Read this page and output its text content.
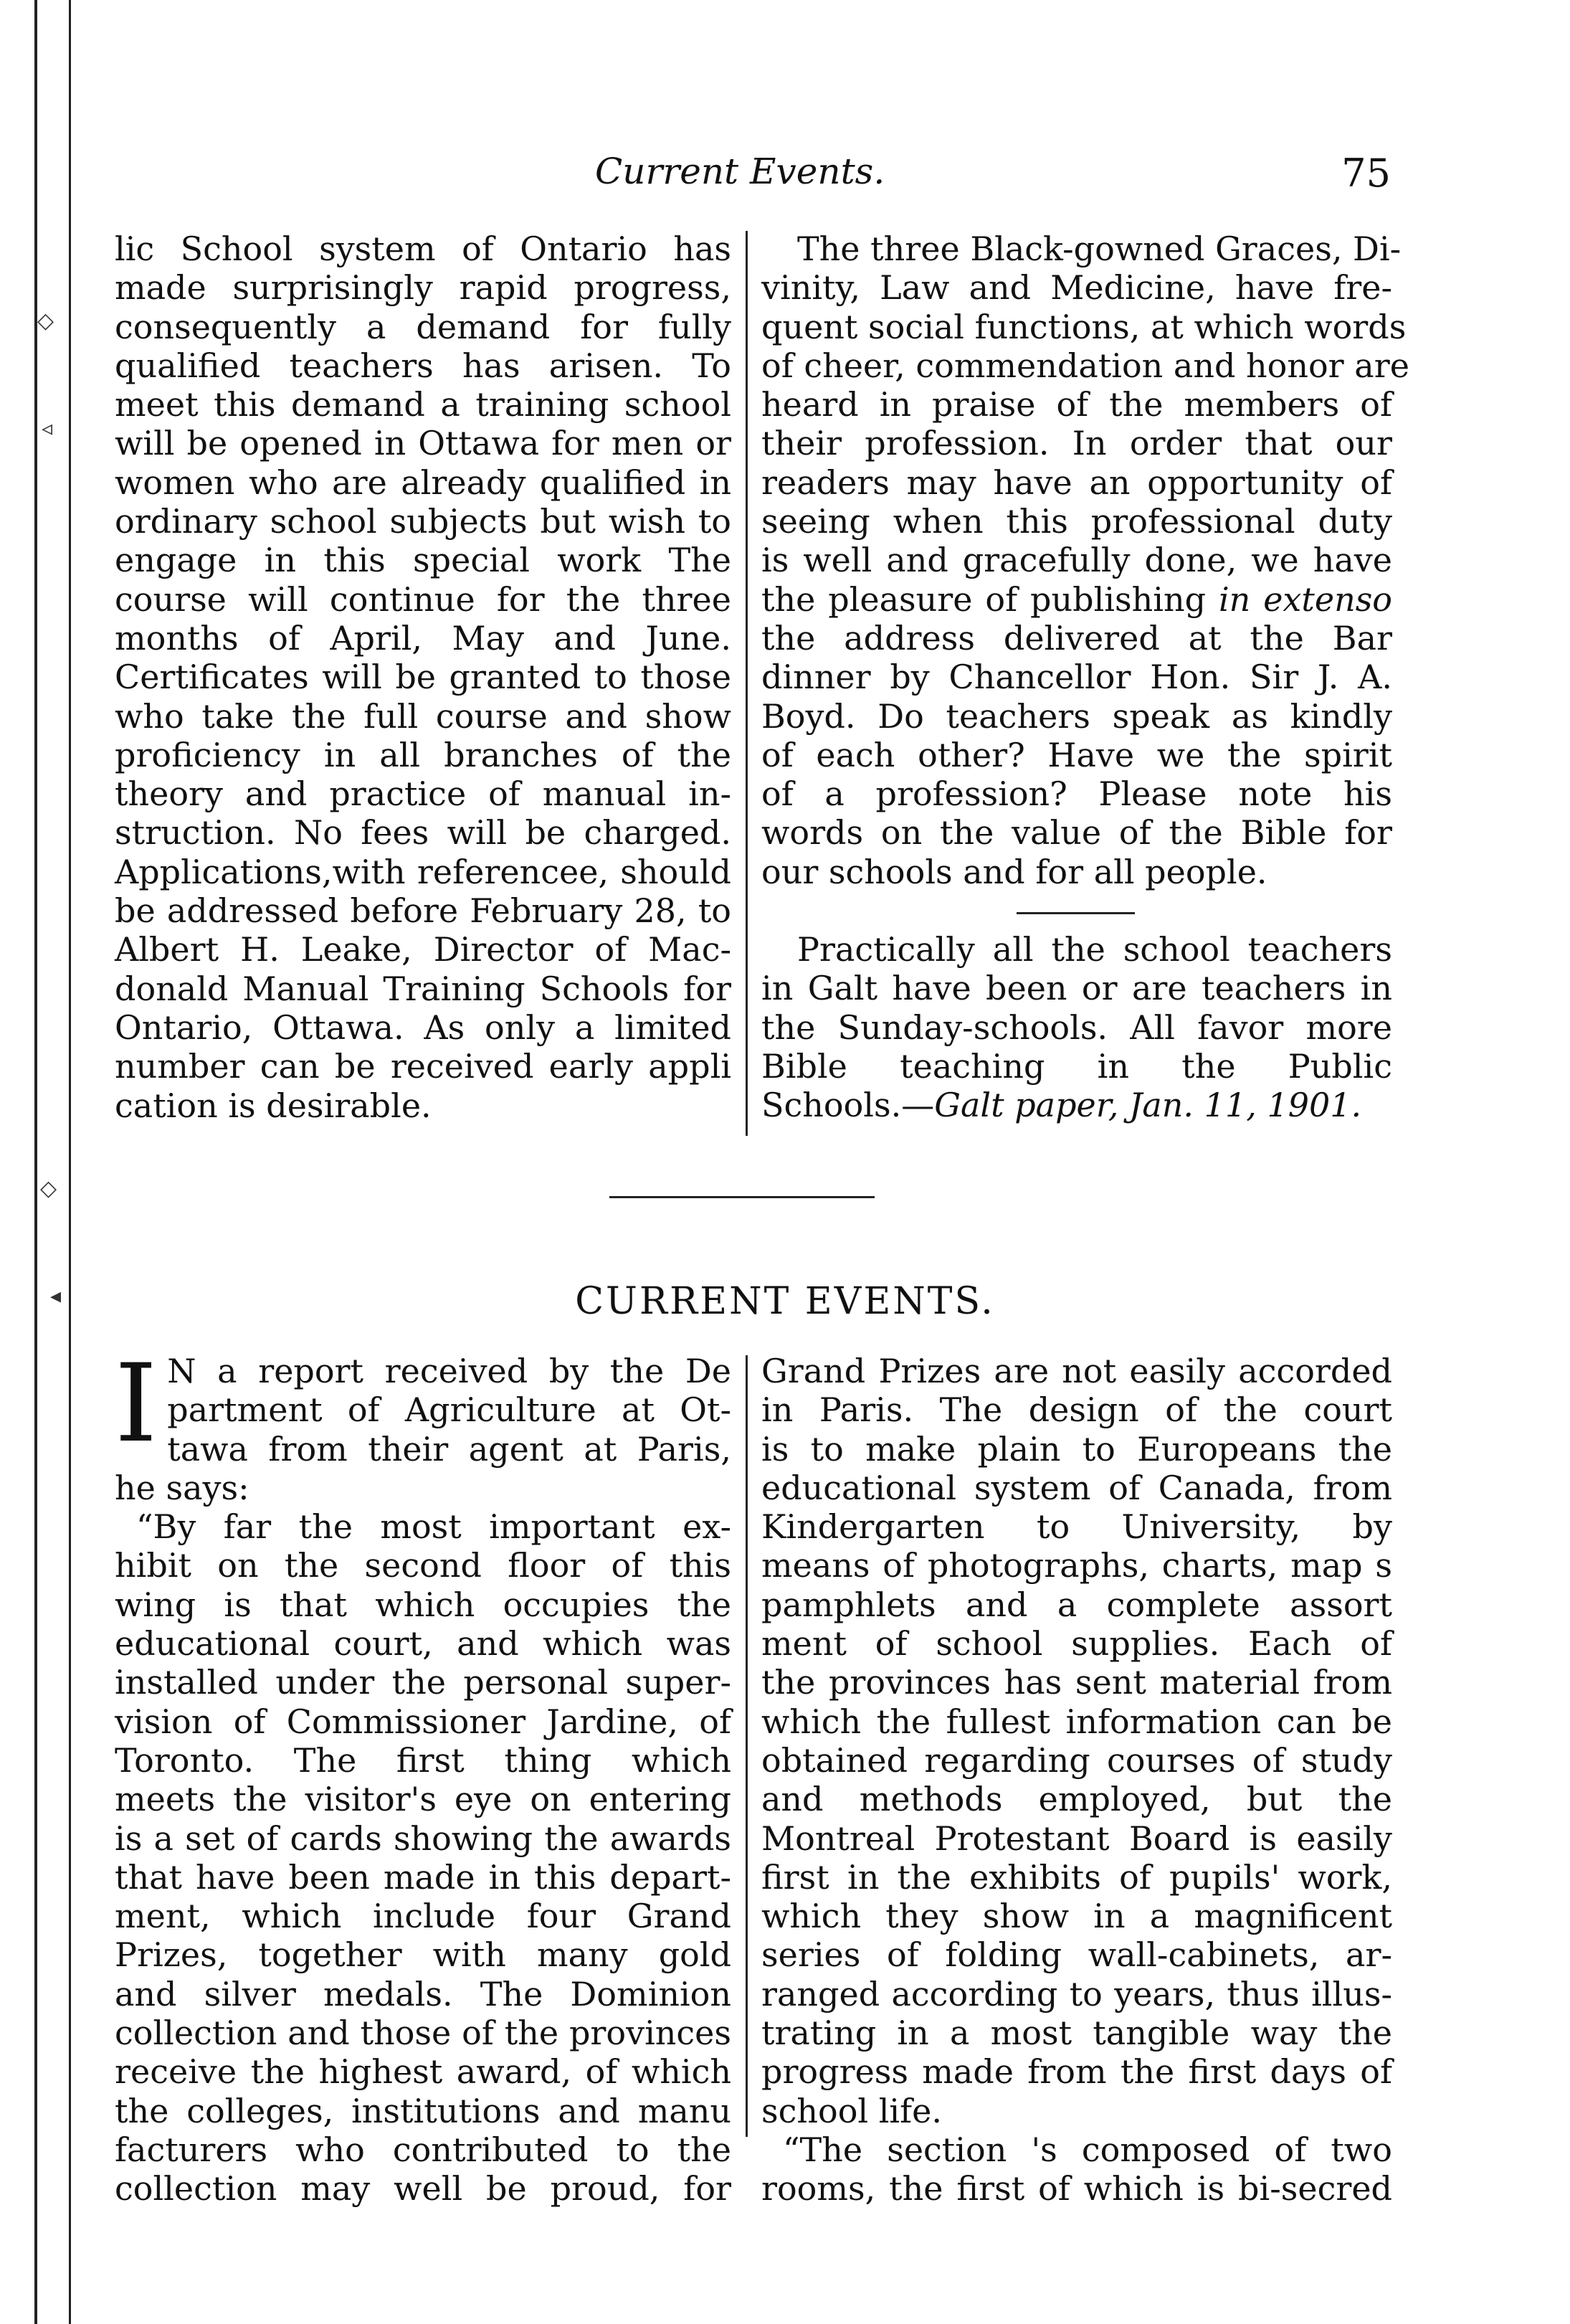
◇
◃
◇
◂
Current Events.	75

lic School system of Ontario has
made surprisingly rapid progress,
consequently a demand for fully
qualified teachers has arisen. To
meet this demand a training school
will be opened in Ottawa for men or
women who are already qualified in
ordinary school subjects but wish to
engage in this special work The
course will continue for the three
months of April, May and June.
Certificates will be granted to those
who take the full course and show
proficiency in all branches of the
theory and practice of manual in-
struction. No fees will be charged.
Applications,with referencee, should
be addressed before February 28, to
Albert H. Leake, Director of Mac-
donald Manual Training Schools for
Ontario, Ottawa. As only a limited
number can be received early appli
cation is desirable.

The three Black-gowned Graces, Di-
vinity, Law and Medicine, have fre-
quent social functions, at which words
of cheer, commendation and honor are
heard in praise of the members of
their profession. In order that our
readers may have an opportunity of
seeing when this professional duty
is well and gracefully done, we have
the pleasure of publishing in extenso
the address delivered at the Bar
dinner by Chancellor Hon. Sir J. A.
Boyd. Do teachers speak as kindly
of each other? Have we the spirit
of a profession? Please note his
words on the value of the Bible for
our schools and for all people.

Practically all the school teachers
in Galt have been or are teachers in
the Sunday-schools. All favor more
Bible teaching in the Public
Schools.—Galt paper, Jan. 11, 1901.

CURRENT EVENTS.

I N a report received by the De
partment of Agriculture at Ot-
tawa from their agent at Paris,
he says:

“By far the most important ex-
hibit on the second floor of this
wing is that which occupies the
educational court, and which was
installed under the personal super-
vision of Commissioner Jardine, of
Toronto. The first thing which
meets the visitor's eye on entering
is a set of cards showing the awards
that have been made in this depart-
ment, which include four Grand
Prizes, together with many gold
and silver medals. The Dominion
collection and those of the provinces
receive the highest award, of which
the colleges, institutions and manu
facturers who contributed to the
collection may well be proud, for

Grand Prizes are not easily accorded
in Paris. The design of the court
is to make plain to Europeans the
educational system of Canada, from
Kindergarten to University, by
means of photographs, charts, map s
pamphlets and a complete assort
ment of school supplies. Each of
the provinces has sent material from
which the fullest information can be
obtained regarding courses of study
and methods employed, but the
Montreal Protestant Board is easily
first in the exhibits of pupils' work,
which they show in a magnificent
series of folding wall-cabinets, ar-
ranged according to years, thus illus-
trating in a most tangible way the
progress made from the first days of
school life.

“The section 's composed of two
rooms, the first of which is bi-secred
